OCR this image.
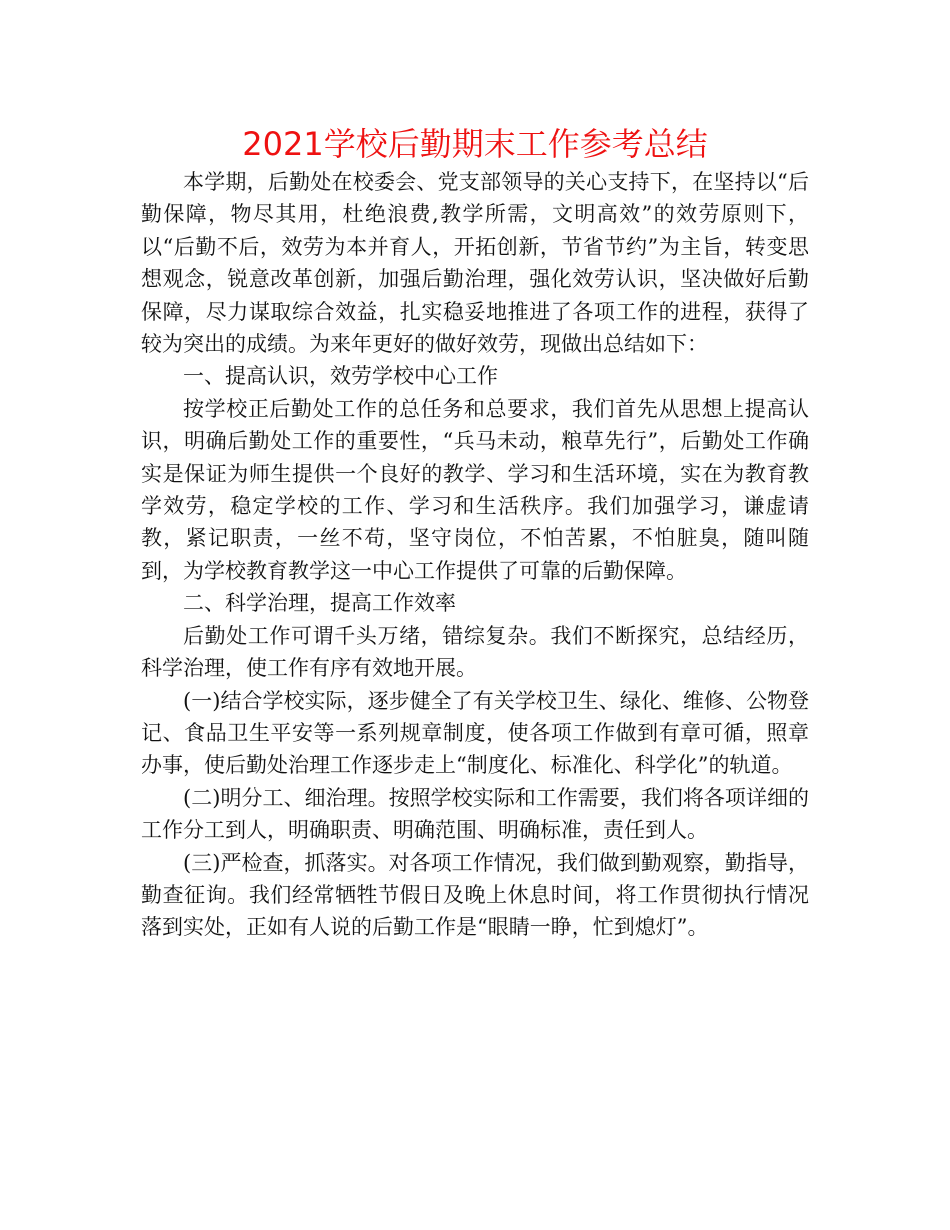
2021学校后勤期末工作参考总结

本学期，后勤处在校委会、党支部领导的关心支持下，在坚持以“后勤保障，物尽其用，杜绝浪费,教学所需，文明高效”的效劳原则下，以“后勤不后，效劳为本并育人，开拓创新，节省节约”为主旨，转变思想观念，锐意改革创新，加强后勤治理，强化效劳认识，坚决做好后勤保障，尽力谋取综合效益，扎实稳妥地推进了各项工作的进程，获得了较为突出的成绩。为来年更好的做好效劳，现做出总结如下：

一、提高认识，效劳学校中心工作

按学校正后勤处工作的总任务和总要求，我们首先从思想上提高认识，明确后勤处工作的重要性，“兵马未动，粮草先行”，后勤处工作确实是保证为师生提供一个良好的教学、学习和生活环境，实在为教育教学效劳，稳定学校的工作、学习和生活秩序。我们加强学习，谦虚请教，紧记职责，一丝不苟，坚守岗位，不怕苦累，不怕脏臭，随叫随到，为学校教育教学这一中心工作提供了可靠的后勤保障。

二、科学治理，提高工作效率

后勤处工作可谓千头万绪，错综复杂。我们不断探究，总结经历，科学治理，使工作有序有效地开展。

(一)结合学校实际，逐步健全了有关学校卫生、绿化、维修、公物登记、食品卫生平安等一系列规章制度，使各项工作做到有章可循，照章办事，使后勤处治理工作逐步走上“制度化、标准化、科学化”的轨道。

(二)明分工、细治理。按照学校实际和工作需要，我们将各项详细的工作分工到人，明确职责、明确范围、明确标准，责任到人。

(三)严检查，抓落实。对各项工作情况，我们做到勤观察，勤指导，勤查征询。我们经常牺牲节假日及晚上休息时间，将工作贯彻执行情况落到实处，正如有人说的后勤工作是“眼睛一睁，忙到熄灯”。
